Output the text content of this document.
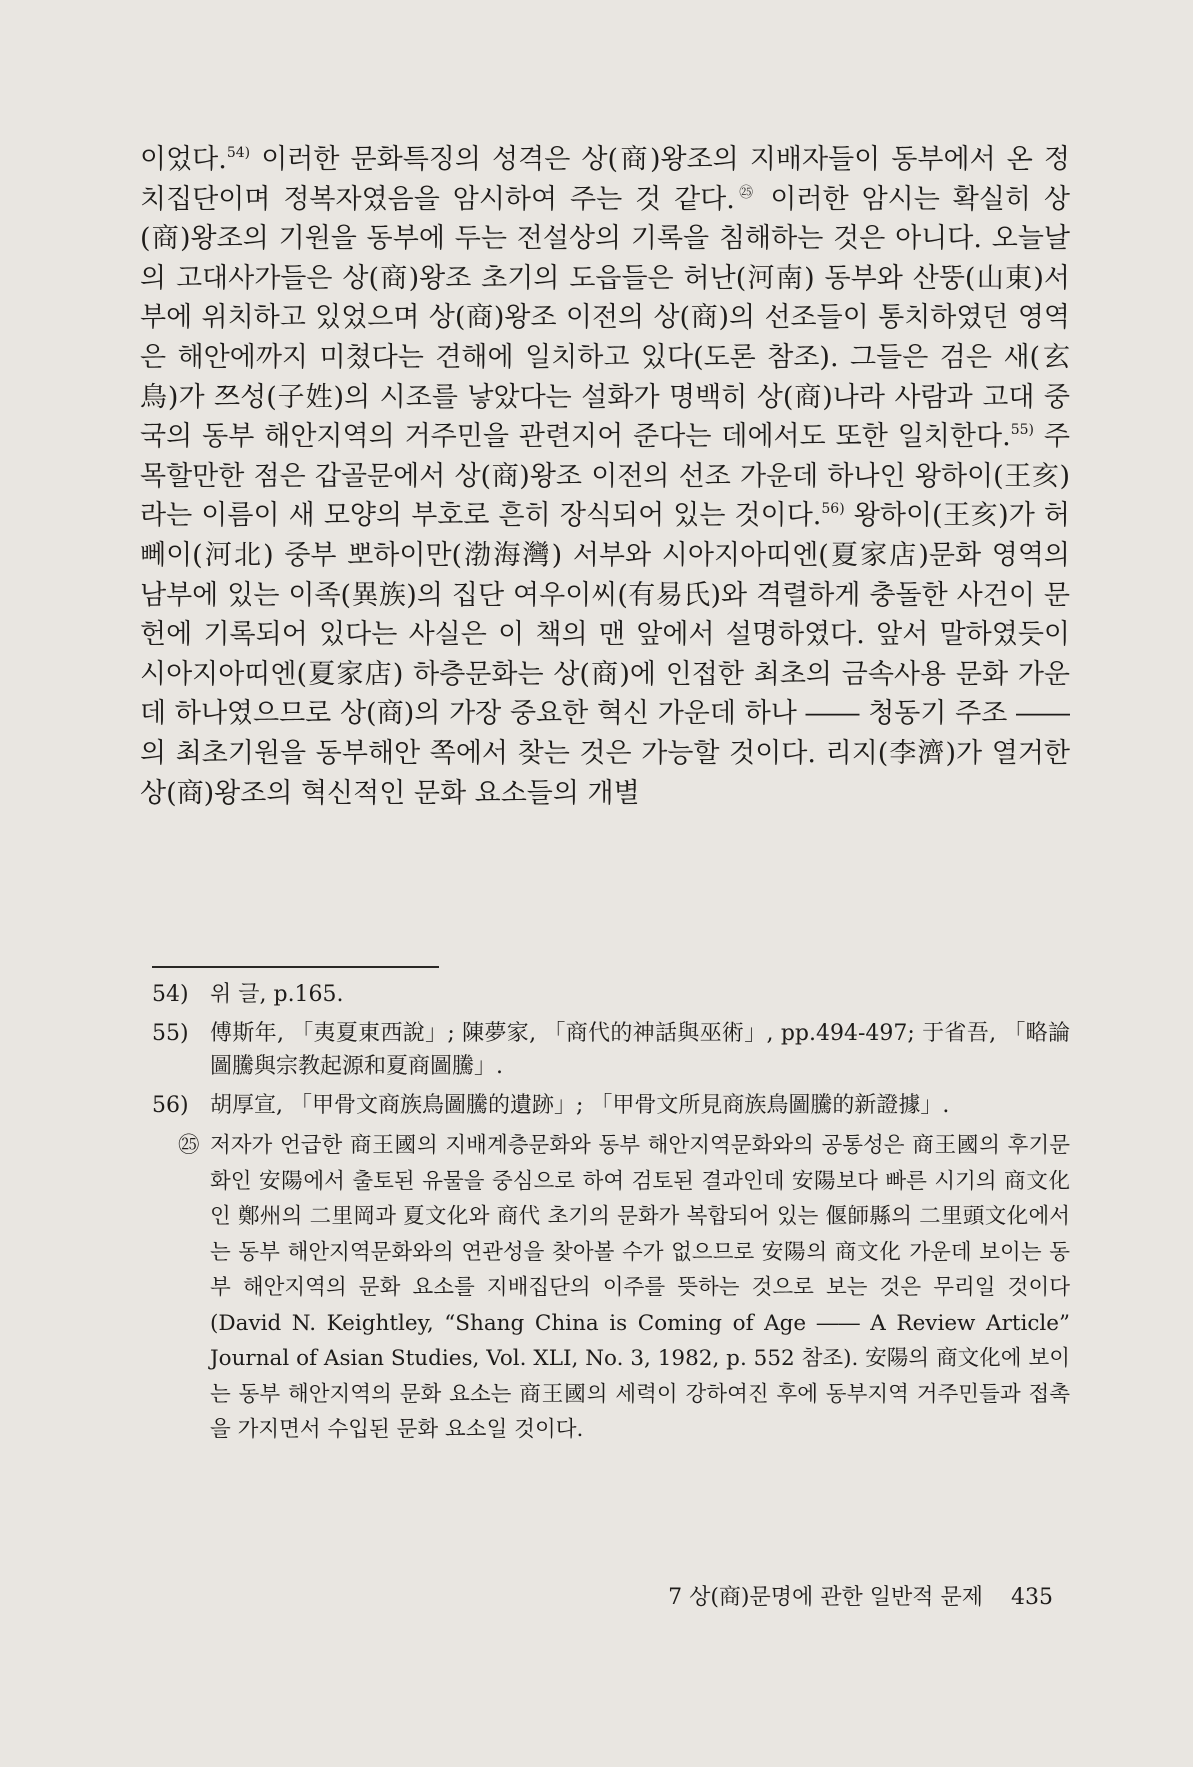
이었다.$^{54)}$ 이러한 문화특징의 성격은 상(商)왕조의 지배자들이 동부에서 온 정치집단이며 정복자였음을 암시하여 주는 것 같다.$^㉕$ 이러한 암시는 확실히 상(商)왕조의 기원을 동부에 두는 전설상의 기록을 침해하는 것은 아니다. 오늘날의 고대사가들은 상(商)왕조 초기의 도읍들은 허난(河南) 동부와 산뚱(山東)서부에 위치하고 있었으며 상(商)왕조 이전의 상(商)의 선조들이 통치하였던 영역은 해안에까지 미쳤다는 견해에 일치하고 있다(도론 참조). 그들은 검은 새(玄鳥)가 쯔성(子姓)의 시조를 낳았다는 설화가 명백히 상(商)나라 사람과 고대 중국의 동부 해안지역의 거주민을 관련지어 준다는 데에서도 또한 일치한다.$^{55)}$ 주목할만한 점은 갑골문에서 상(商)왕조 이전의 선조 가운데 하나인 왕하이(王亥)라는 이름이 새 모양의 부호로 흔히 장식되어 있는 것이다.$^{56)}$ 왕하이(王亥)가 허뻬이(河北) 중부 뽀하이만(渤海灣) 서부와 시아지아띠엔(夏家店)문화 영역의 남부에 있는 이족(異族)의 집단 여우이씨(有易氏)와 격렬하게 충돌한 사건이 문헌에 기록되어 있다는 사실은 이 책의 맨 앞에서 설명하였다. 앞서 말하였듯이 시아지아띠엔(夏家店) 하층문화는 상(商)에 인접한 최초의 금속사용 문화 가운데 하나였으므로 상(商)의 가장 중요한 혁신 가운데 하나 ―― 청동기 주조 ―― 의 최초기원을 동부해안 쪽에서 찾는 것은 가능할 것이다. 리지(李濟)가 열거한 상(商)왕조의 혁신적인 문화 요소들의 개별

54) 위 글, p.165.
55) 傅斯年, 「夷夏東西說」; 陳夢家, 「商代的神話與巫術」, pp.494-497; 于省吾, 「略論圖騰與宗教起源和夏商圖騰」.
56) 胡厚宣, 「甲骨文商族鳥圖騰的遺跡」; 「甲骨文所見商族鳥圖騰的新證據」.
㉕ 저자가 언급한 商王國의 지배계층문화와 동부 해안지역문화와의 공통성은 商王國의 후기문화인 安陽에서 출토된 유물을 중심으로 하여 검토된 결과인데 安陽보다 빠른 시기의 商文化인 鄭州의 二里岡과 夏文化와 商代 초기의 문화가 복합되어 있는 偃師縣의 二里頭文化에서는 동부 해안지역문화와의 연관성을 찾아볼 수가 없으므로 安陽의 商文化 가운데 보이는 동부 해안지역의 문화 요소를 지배집단의 이주를 뜻하는 것으로 보는 것은 무리일 것이다(David N. Keightley, “Shang China is Coming of Age ―― A Review Article” Journal of Asian Studies, Vol. XLI, No. 3, 1982, p. 552 참조). 安陽의 商文化에 보이는 동부 해안지역의 문화 요소는 商王國의 세력이 강하여진 후에 동부지역 거주민들과 접촉을 가지면서 수입된 문화 요소일 것이다.
7 상(商)문명에 관한 일반적 문제 435
